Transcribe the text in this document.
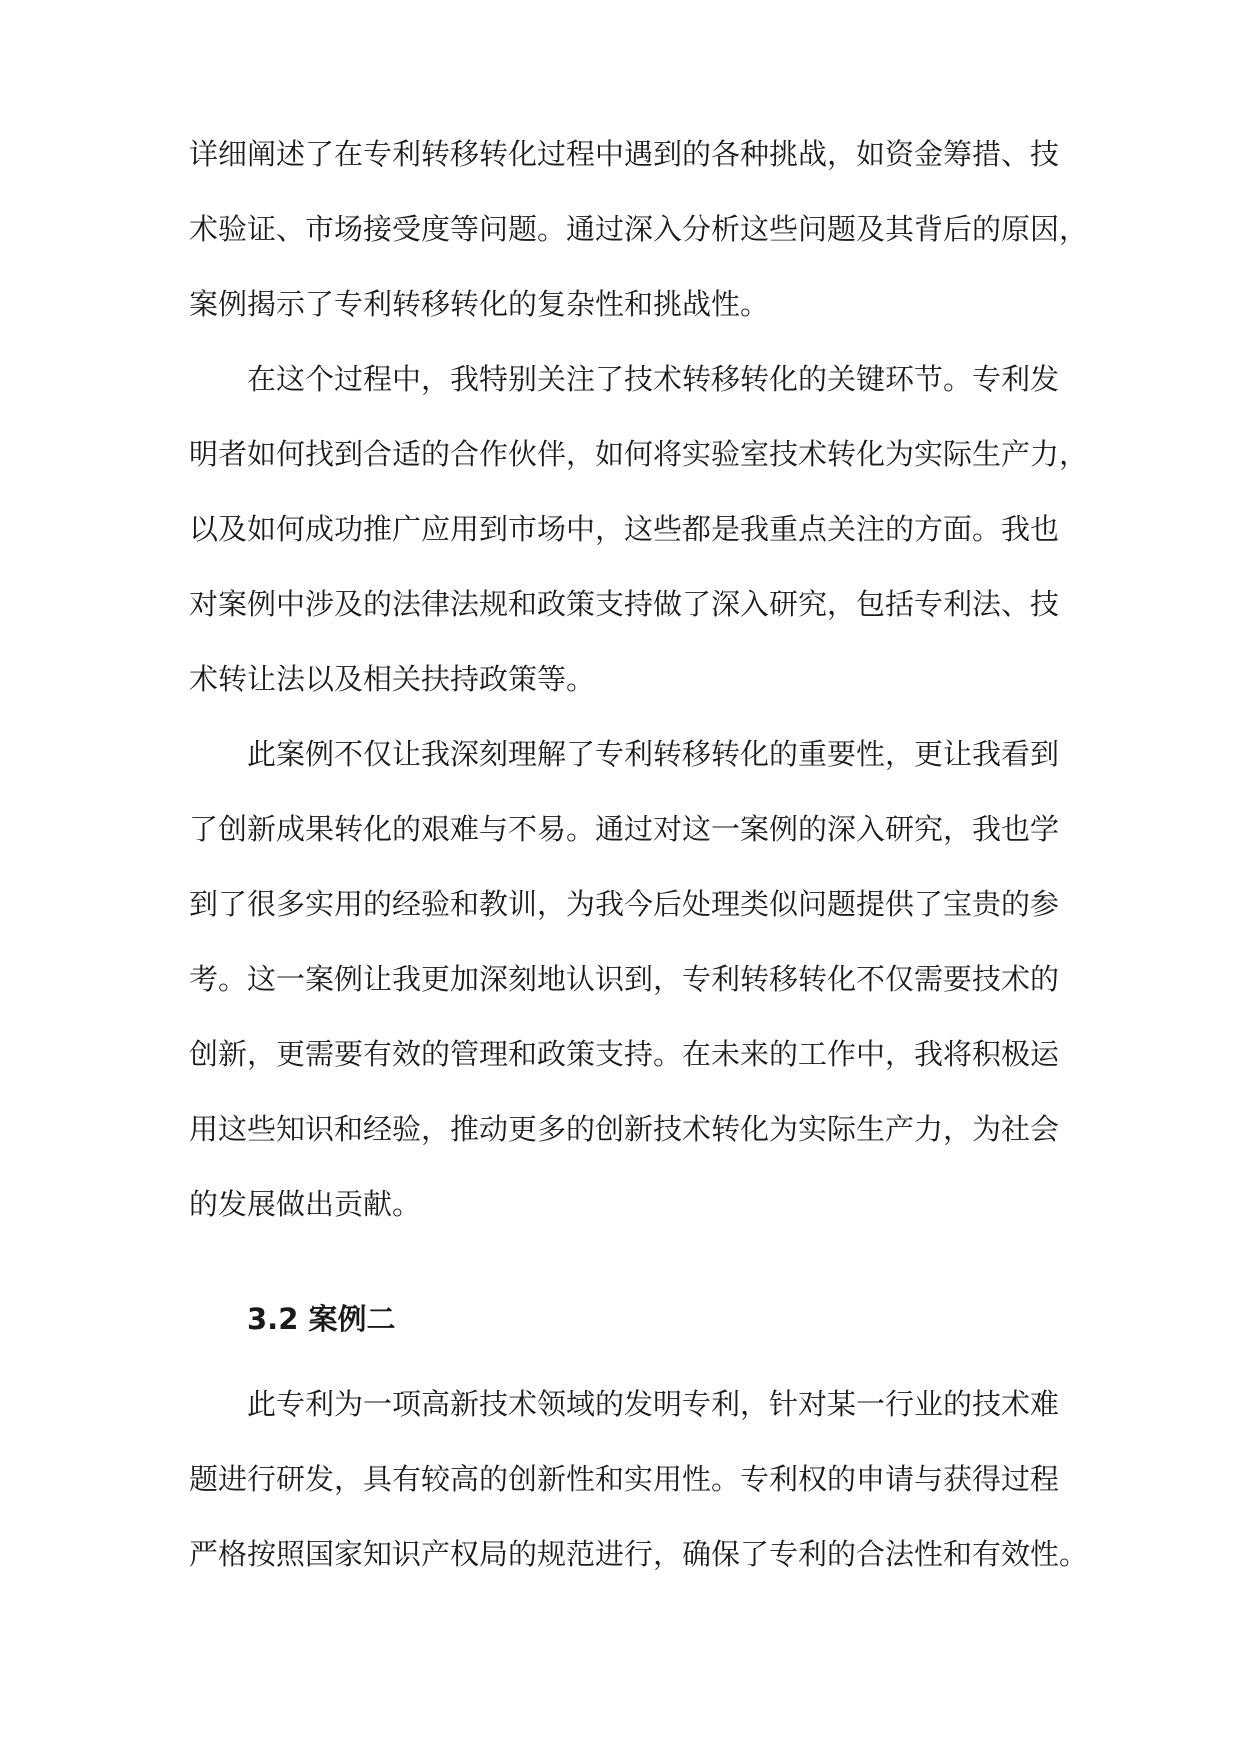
详细阐述了在专利转移转化过程中遇到的各种挑战，如资金筹措、技
术验证、市场接受度等问题。通过深入分析这些问题及其背后的原因，
案例揭示了专利转移转化的复杂性和挑战性。
在这个过程中，我特别关注了技术转移转化的关键环节。专利发
明者如何找到合适的合作伙伴，如何将实验室技术转化为实际生产力，
以及如何成功推广应用到市场中，这些都是我重点关注的方面。我也
对案例中涉及的法律法规和政策支持做了深入研究，包括专利法、技
术转让法以及相关扶持政策等。
此案例不仅让我深刻理解了专利转移转化的重要性，更让我看到
了创新成果转化的艰难与不易。通过对这一案例的深入研究，我也学
到了很多实用的经验和教训，为我今后处理类似问题提供了宝贵的参
考。这一案例让我更加深刻地认识到，专利转移转化不仅需要技术的
创新，更需要有效的管理和政策支持。在未来的工作中，我将积极运
用这些知识和经验，推动更多的创新技术转化为实际生产力，为社会
的发展做出贡献。
3.2 案例二
此专利为一项高新技术领域的发明专利，针对某一行业的技术难
题进行研发，具有较高的创新性和实用性。专利权的申请与获得过程
严格按照国家知识产权局的规范进行，确保了专利的合法性和有效性。
